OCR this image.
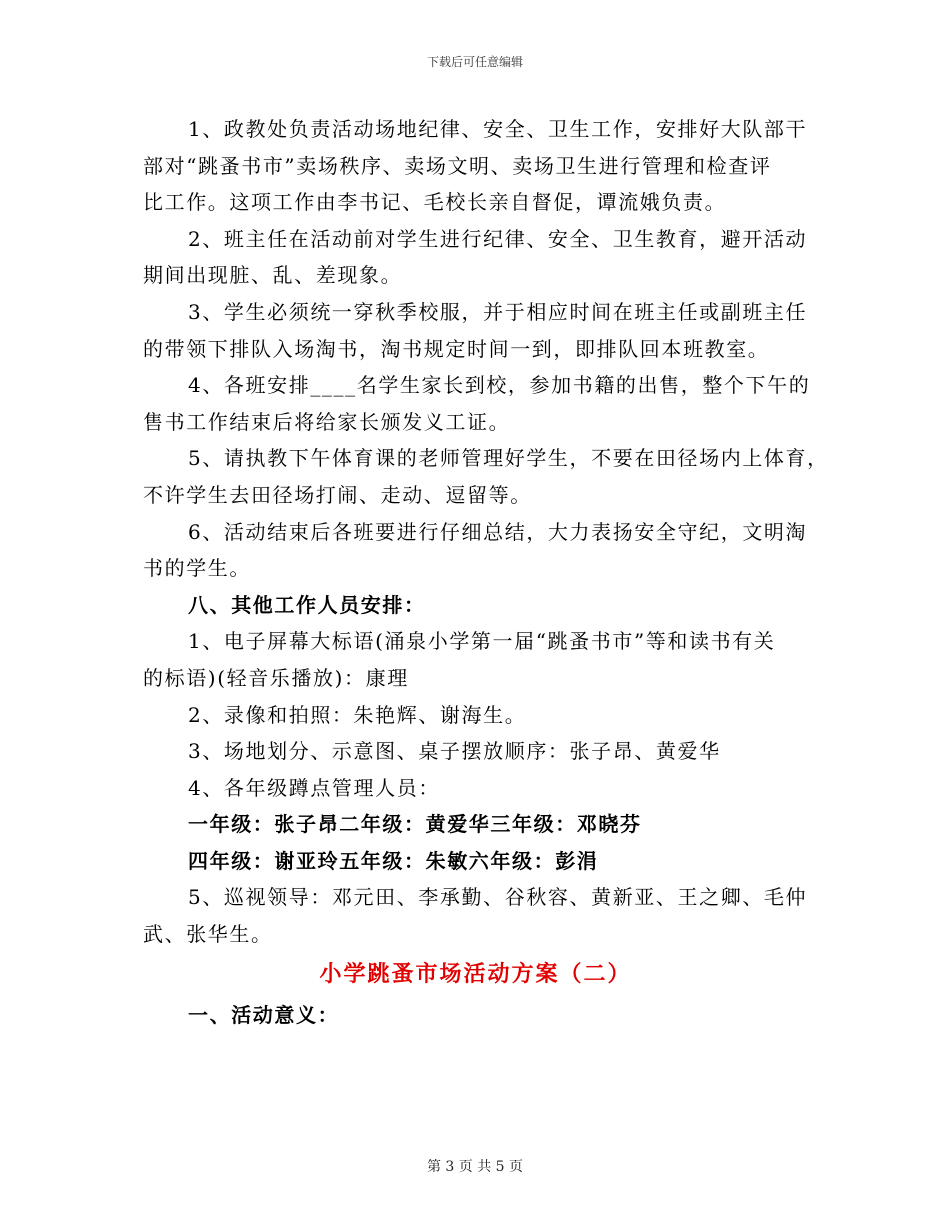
下载后可任意编辑
1、政教处负责活动场地纪律、安全、卫生工作，安排好大队部干
部对“跳蚤书市”卖场秩序、卖场文明、卖场卫生进行管理和检查评
比工作。这项工作由李书记、毛校长亲自督促，谭流娥负责。
2、班主任在活动前对学生进行纪律、安全、卫生教育，避开活动
期间出现脏、乱、差现象。
3、学生必须统一穿秋季校服，并于相应时间在班主任或副班主任
的带领下排队入场淘书，淘书规定时间一到，即排队回本班教室。
4、各班安排____名学生家长到校，参加书籍的出售，整个下午的
售书工作结束后将给家长颁发义工证。
5、请执教下午体育课的老师管理好学生，不要在田径场内上体育，
不许学生去田径场打闹、走动、逗留等。
6、活动结束后各班要进行仔细总结，大力表扬安全守纪，文明淘
书的学生。
八、其他工作人员安排：
1、电子屏幕大标语(涌泉小学第一届“跳蚤书市”等和读书有关
的标语)(轻音乐播放)：康理
2、录像和拍照：朱艳辉、谢海生。
3、场地划分、示意图、桌子摆放顺序：张子昂、黄爱华
4、各年级蹲点管理人员：
一年级：张子昂二年级：黄爱华三年级：邓晓芬
四年级：谢亚玲五年级：朱敏六年级：彭涓
5、巡视领导：邓元田、李承勤、谷秋容、黄新亚、王之卿、毛仲
武、张华生。
小学跳蚤市场活动方案（二）
一、活动意义：
第 3 页 共 5 页
